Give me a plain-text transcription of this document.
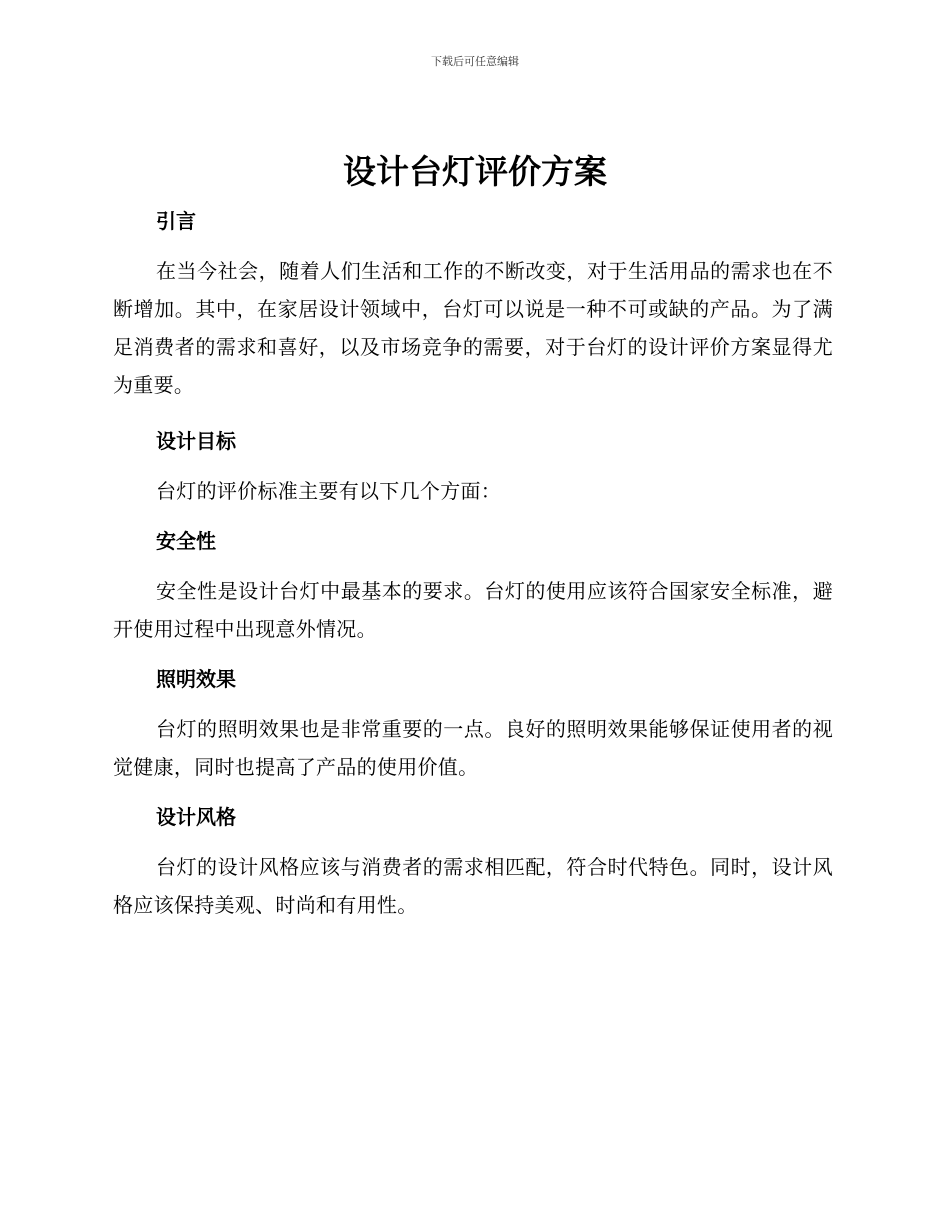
下载后可任意编辑
设计台灯评价方案
引言

在当今社会，随着人们生活和工作的不断改变，对于生活用品的需求也在不断增加。其中，在家居设计领域中，台灯可以说是一种不可或缺的产品。为了满足消费者的需求和喜好，以及市场竞争的需要，对于台灯的设计评价方案显得尤为重要。

设计目标

台灯的评价标准主要有以下几个方面：

安全性

安全性是设计台灯中最基本的要求。台灯的使用应该符合国家安全标准，避开使用过程中出现意外情况。

照明效果

台灯的照明效果也是非常重要的一点。良好的照明效果能够保证使用者的视觉健康，同时也提高了产品的使用价值。

设计风格

台灯的设计风格应该与消费者的需求相匹配，符合时代特色。同时，设计风格应该保持美观、时尚和有用性。
